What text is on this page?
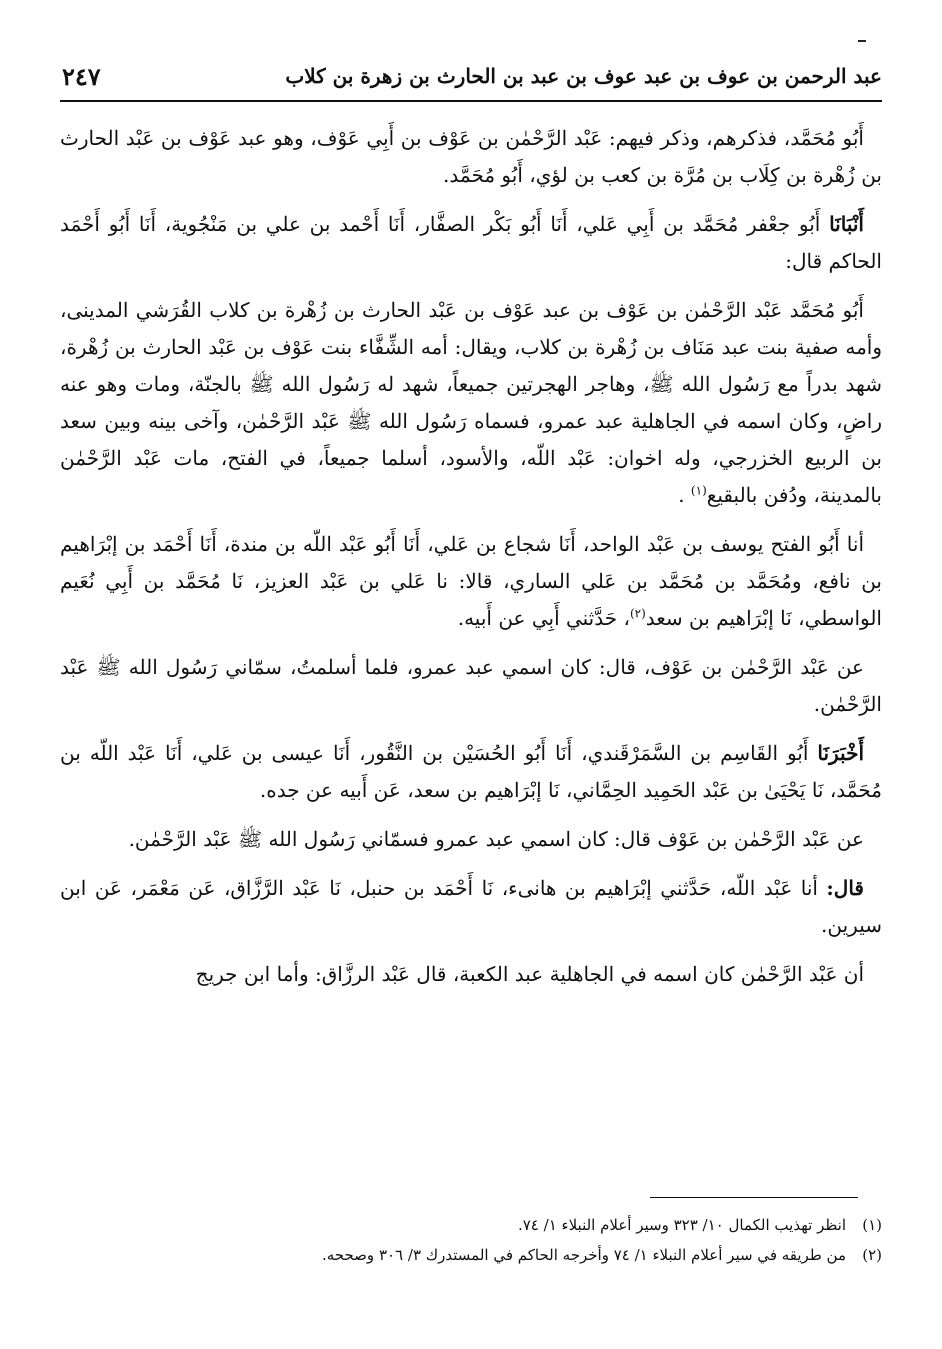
عبد الرحمن بن عوف بن عبد عوف بن عبد بن الحارث بن زهرة بن كلاب
٢٤٧

أَبُو مُحَمَّد، فذكرهم، وذكر فيهم: عَبْد الرَّحْمٰن بن عَوْف بن أَبِي عَوْف، وهو عبد عَوْف بن عَبْد الحارث بن زُهْرة بن كِلَاب بن مُرَّة بن كعب بن لؤي، أَبُو مُحَمَّد.

أَنْبَانَا أَبُو جعْفر مُحَمَّد بن أَبِي عَلي، أَنَا أَبُو بَكْر الصفَّار، أَنَا أَحْمد بن علي بن مَنْجُوية، أَنَا أَبُو أَحْمَد الحاكم قال:

أَبُو مُحَمَّد عَبْد الرَّحْمٰن بن عَوْف بن عبد عَوْف بن عَبْد الحارث بن زُهْرة بن كلاب القُرَشي المدينى، وأمه صفية بنت عبد مَنَاف بن زُهْرة بن كلاب، ويقال: أمه الشِّفَّاء بنت عَوْف بن عَبْد الحارث بن زُهْرة، شهد بدراً مع رَسُول الله ﷺ، وهاجر الهجرتين جميعاً، شهد له رَسُول الله ﷺ بالجنّة، ومات وهو عنه راضٍ، وكان اسمه في الجاهلية عبد عمرو، فسماه رَسُول الله ﷺ عَبْد الرَّحْمٰن، وآخى بينه وبين سعد بن الربيع الخزرجي، وله اخوان: عَبْد اللّه، والأسود، أسلما جميعاً، في الفتح، مات عَبْد الرَّحْمٰن بالمدينة، ودُفن بالبقيع$^{(١)}$ .

أنا أَبُو الفتح يوسف بن عَبْد الواحد، أَنَا شجاع بن عَلي، أَنَا أَبُو عَبْد اللّه بن مندة، أَنَا أَحْمَد بن إبْرَاهيم بن نافع، ومُحَمَّد بن مُحَمَّد بن عَلي الساري، قالا: نا عَلي بن عَبْد العزيز، نَا مُحَمَّد بن أَبِي نُعَيم الواسطي، نَا إبْرَاهيم بن سعد$^{(٢)}$، حَدَّثني أَبِي عن أَبيه.

عن عَبْد الرَّحْمٰن بن عَوْف، قال: كان اسمي عبد عمرو، فلما أسلمتُ، سمّاني رَسُول الله ﷺ عَبْد الرَّحْمٰن.

أَخْبَرَنَا أَبُو القَاسِم بن السَّمَرْقَندي، أَنَا أَبُو الحُسَيْن بن النَّقُور، أَنَا عيسى بن عَلي، أَنَا عَبْد اللّه بن مُحَمَّد، نَا يَحْيَىٰ بن عَبْد الحَمِيد الحِمَّاني، نَا إبْرَاهيم بن سعد، عَن أَبيه عن جده.

عن عَبْد الرَّحْمٰن بن عَوْف قال: كان اسمي عبد عمرو فسمّاني رَسُول الله ﷺ عَبْد الرَّحْمٰن.

قال: أنا عَبْد اللّه، حَدَّثني إبْرَاهيم بن هانىء، نَا أَحْمَد بن حنبل، نَا عَبْد الرَّزَّاق، عَن مَعْمَر، عَن ابن سيرين.

أن عَبْد الرَّحْمٰن كان اسمه في الجاهلية عبد الكعبة، قال عَبْد الرزَّاق: وأما ابن جريج

(١)
انظر تهذيب الكمال ١٠/ ٣٢٣ وسير أعلام النبلاء ١/ ٧٤.
(٢)
من طريقه في سير أعلام النبلاء ١/ ٧٤ وأخرجه الحاكم في المستدرك ٣/ ٣٠٦ وصححه.
